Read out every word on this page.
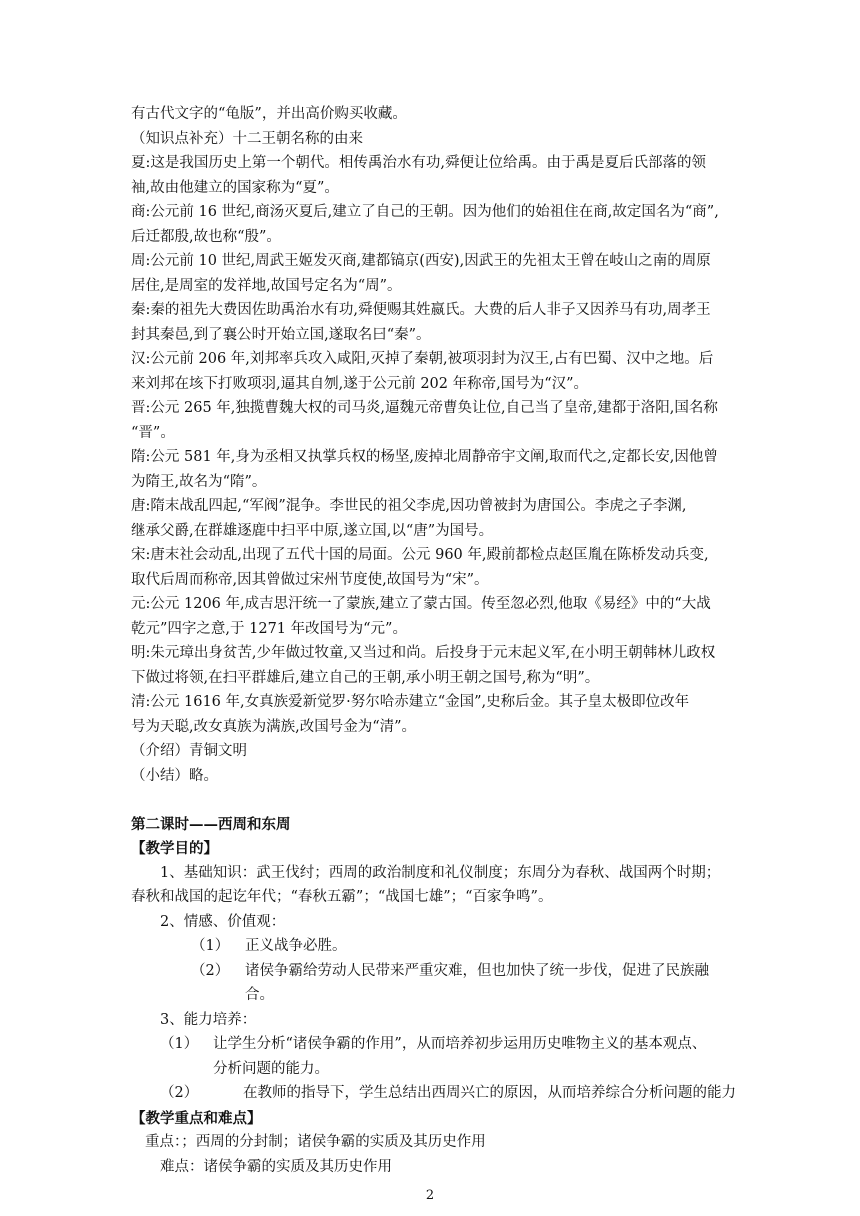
有古代文字的“龟版”，并出高价购买收藏。

（知识点补充）十二王朝名称的由来

夏:这是我国历史上第一个朝代。相传禹治水有功,舜便让位给禹。由于禹是夏后氏部落的领

袖,故由他建立的国家称为“夏”。

商:公元前 16 世纪,商汤灭夏后,建立了自己的王朝。因为他们的始祖住在商,故定国名为“商”,

后迁都殷,故也称“殷”。

周:公元前 10 世纪,周武王姬发灭商,建都镐京(西安),因武王的先祖太王曾在岐山之南的周原

居住,是周室的发祥地,故国号定名为“周”。

秦:秦的祖先大费因佐助禹治水有功,舜便赐其姓嬴氏。大费的后人非子又因养马有功,周孝王

封其秦邑,到了襄公时开始立国,遂取名曰“秦”。

汉:公元前 206 年,刘邦率兵攻入咸阳,灭掉了秦朝,被项羽封为汉王,占有巴蜀、汉中之地。后

来刘邦在垓下打败项羽,逼其自刎,遂于公元前 202 年称帝,国号为“汉”。

晋:公元 265 年,独揽曹魏大权的司马炎,逼魏元帝曹奂让位,自己当了皇帝,建都于洛阳,国名称

“晋”。

隋:公元 581 年,身为丞相又执掌兵权的杨坚,废掉北周静帝宇文阐,取而代之,定都长安,因他曾

为隋王,故名为“隋”。

唐:隋末战乱四起,“军阀”混争。李世民的祖父李虎,因功曾被封为唐国公。李虎之子李渊,

继承父爵,在群雄逐鹿中扫平中原,遂立国,以“唐”为国号。

宋:唐末社会动乱,出现了五代十国的局面。公元 960 年,殿前都检点赵匡胤在陈桥发动兵变,

取代后周而称帝,因其曾做过宋州节度使,故国号为“宋”。

元:公元 1206 年,成吉思汗统一了蒙族,建立了蒙古国。传至忽必烈,他取《易经》中的“大战

乾元”四字之意,于 1271 年改国号为“元”。

明:朱元璋出身贫苦,少年做过牧童,又当过和尚。后投身于元末起义军,在小明王朝韩林儿政权

下做过将领,在扫平群雄后,建立自己的王朝,承小明王朝之国号,称为“明”。

清:公元 1616 年,女真族爱新觉罗·努尔哈赤建立“金国”,史称后金。其子皇太极即位改年

号为天聪,改女真族为满族,改国号金为“清”。

（介绍）青铜文明

（小结）略。

第二课时——西周和东周

【教学目的】

1、基础知识：武王伐纣；西周的政治制度和礼仪制度；东周分为春秋、战国两个时期；

春秋和战国的起讫年代；“春秋五霸”；“战国七雄”；“百家争鸣”。

2、情感、价值观：

（1） 正义战争必胜。
（2） 诸侯争霸给劳动人民带来严重灾难，但也加快了统一步伐，促进了民族融
合。

3、能力培养：

（1） 让学生分析“诸侯争霸的作用”，从而培养初步运用历史唯物主义的基本观点、
分析问题的能力。
（2）	在教师的指导下，学生总结出西周兴亡的原因，从而培养综合分析问题的能力

【教学重点和难点】

重点：；西周的分封制；诸侯争霸的实质及其历史作用

难点：诸侯争霸的实质及其历史作用

2
